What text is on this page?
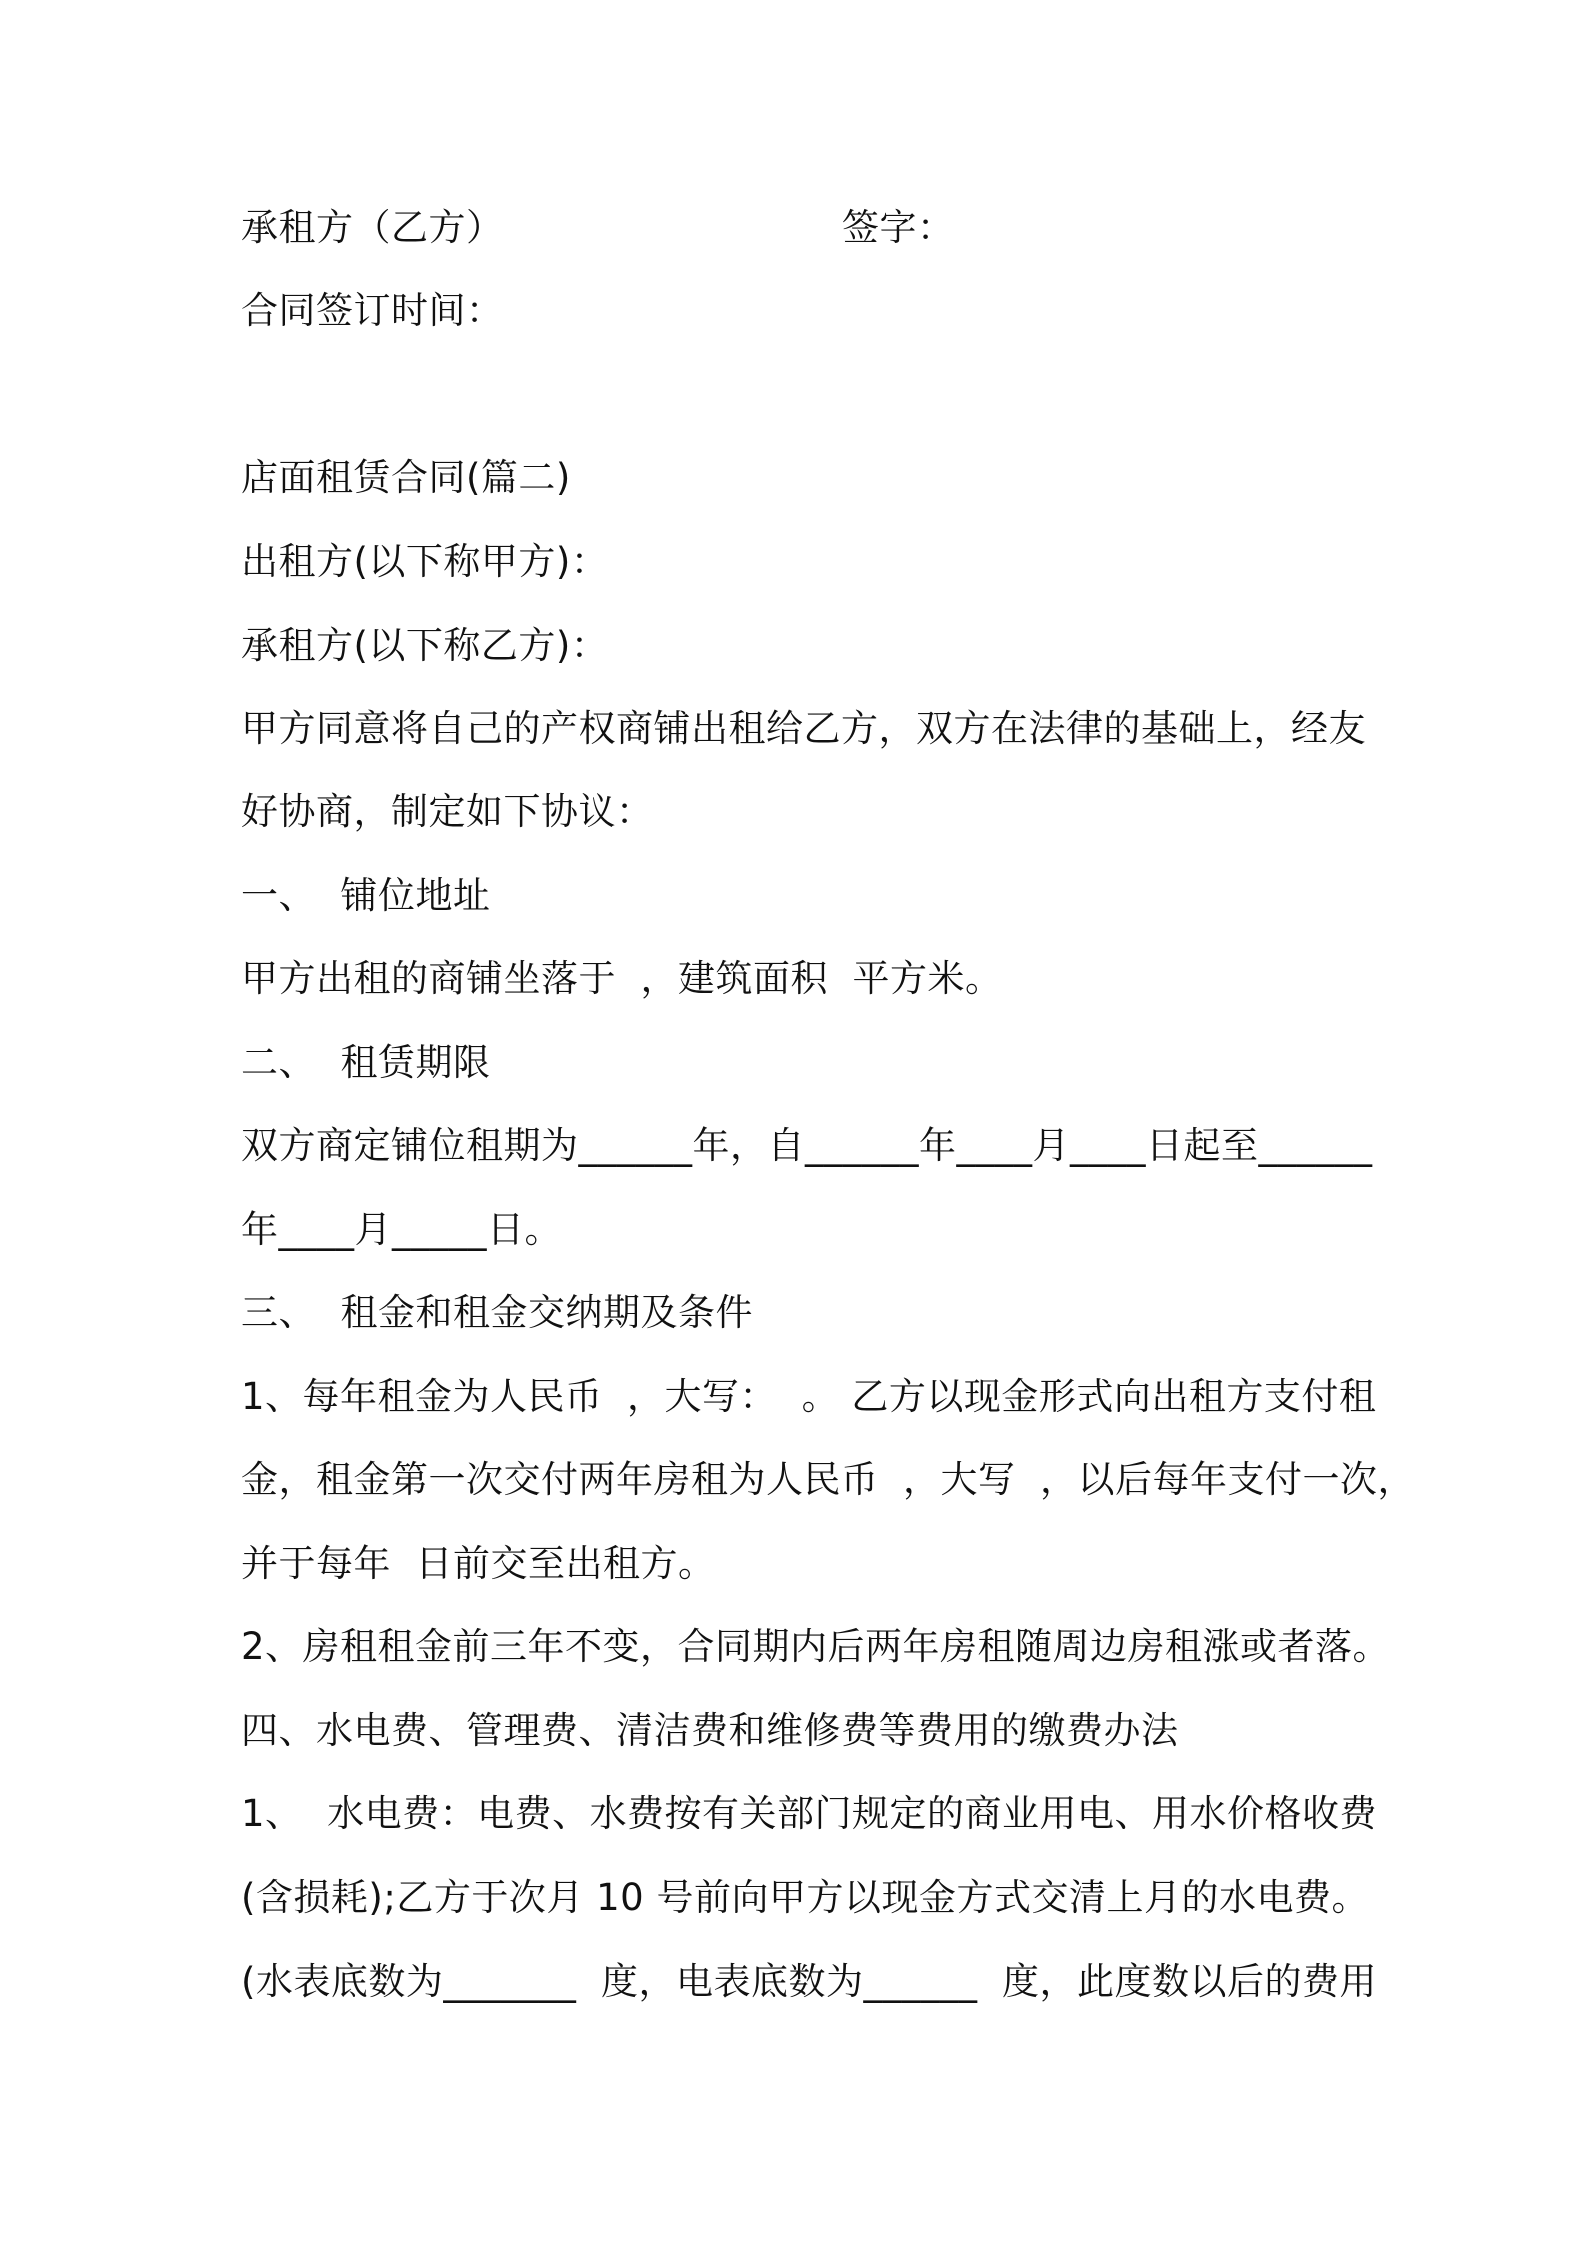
承租方（乙方）	签字：
合同签订时间：
店面租赁合同(篇二)
出租方(以下称甲方)：
承租方(以下称乙方)：
甲方同意将自己的产权商铺出租给乙方，双方在法律的基础上，经友
好协商，制定如下协议：
一、  铺位地址
甲方出租的商铺坐落于  ，建筑面积  平方米。
二、  租赁期限
双方商定铺位租期为______年，自______年____月____日起至______
年____月_____日。
三、  租金和租金交纳期及条件
1、每年租金为人民币  ，大写：  。 乙方以现金形式向出租方支付租
金，租金第一次交付两年房租为人民币  ，大写  ，以后每年支付一次，
并于每年  日前交至出租方。
2、房租租金前三年不变，合同期内后两年房租随周边房租涨或者落。
四、水电费、管理费、清洁费和维修费等费用的缴费办法
1、  水电费：电费、水费按有关部门规定的商业用电、用水价格收费
(含损耗);乙方于次月 10 号前向甲方以现金方式交清上月的水电费。
(水表底数为_______  度，电表底数为______  度，此度数以后的费用
